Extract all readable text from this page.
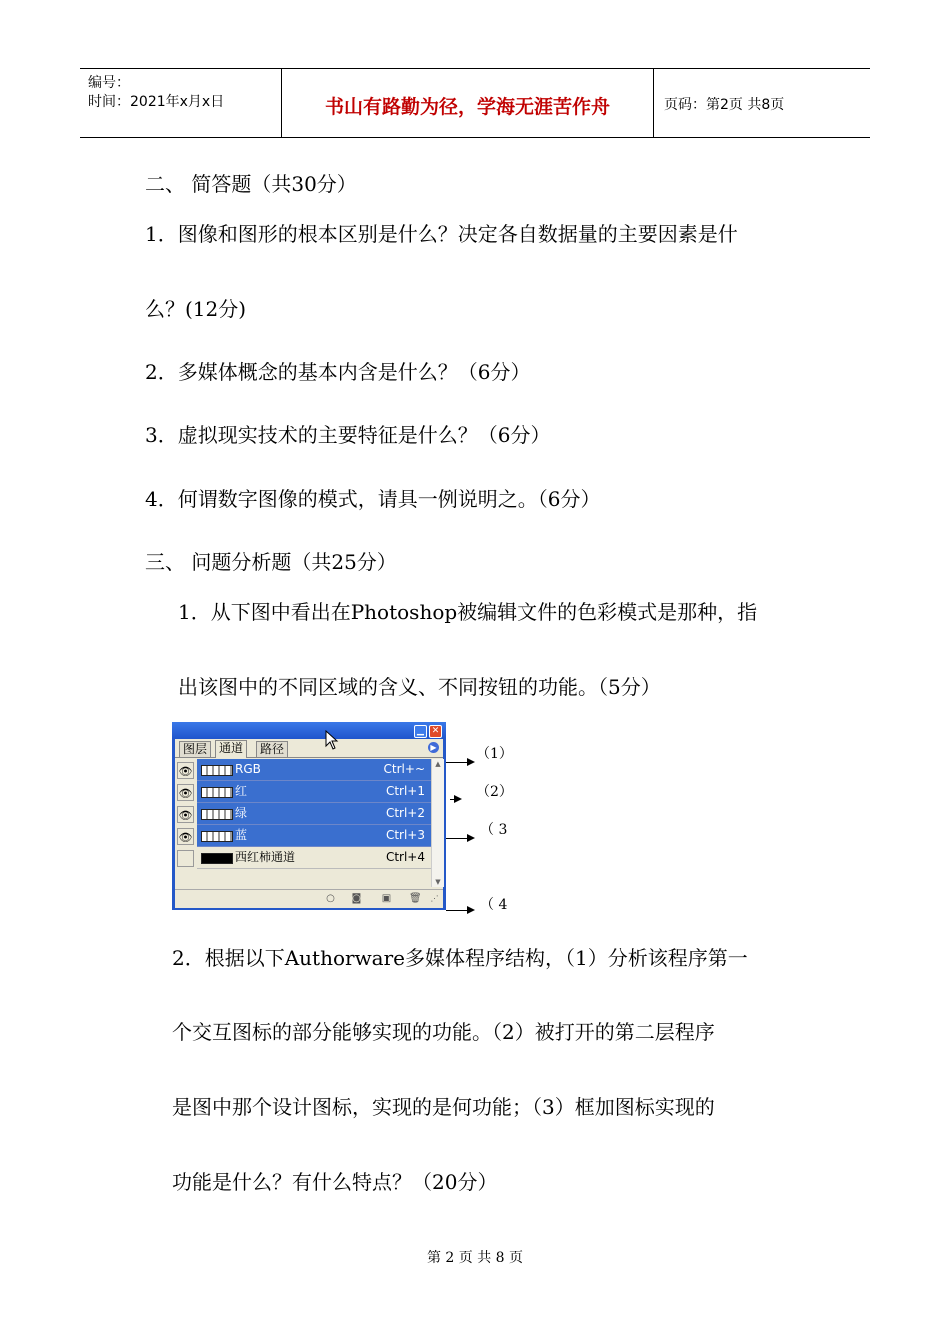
编号：
时间：2021年x月x日	书山有路勤为径，学海无涯苦作舟	页码：第2页 共8页
二、 简答题（共30分）
1．图像和图形的根本区别是什么？决定各自数据量的主要因素是什
么？(12分)
2．多媒体概念的基本内含是什么？（6分）
3．虚拟现实技术的主要特征是什么？（6分）
4．何谓数字图像的模式，请具一例说明之。（6分）
三、 问题分析题（共25分）
1．从下图中看出在Photoshop被编辑文件的色彩模式是那种，指
出该图中的不同区域的含义、不同按钮的功能。（5分）
▁ ✕
图层 通道	路径	▶
👁	RGB	Ctrl+~
👁	红	Ctrl+1
👁	绿	Ctrl+2
👁	蓝	Ctrl+3
西红柿通道	Ctrl+4
▲
▼
○ ◙ ▣ 🗑 ⋰
（1）
（2）
（ 3
（ 4
2．根据以下Authorware多媒体程序结构，（1）分析该程序第一
个交互图标的部分能够实现的功能。（2）被打开的第二层程序
是图中那个设计图标，实现的是何功能；（3）框加图标实现的
功能是什么？有什么特点？（20分）
第 2 页 共 8 页
